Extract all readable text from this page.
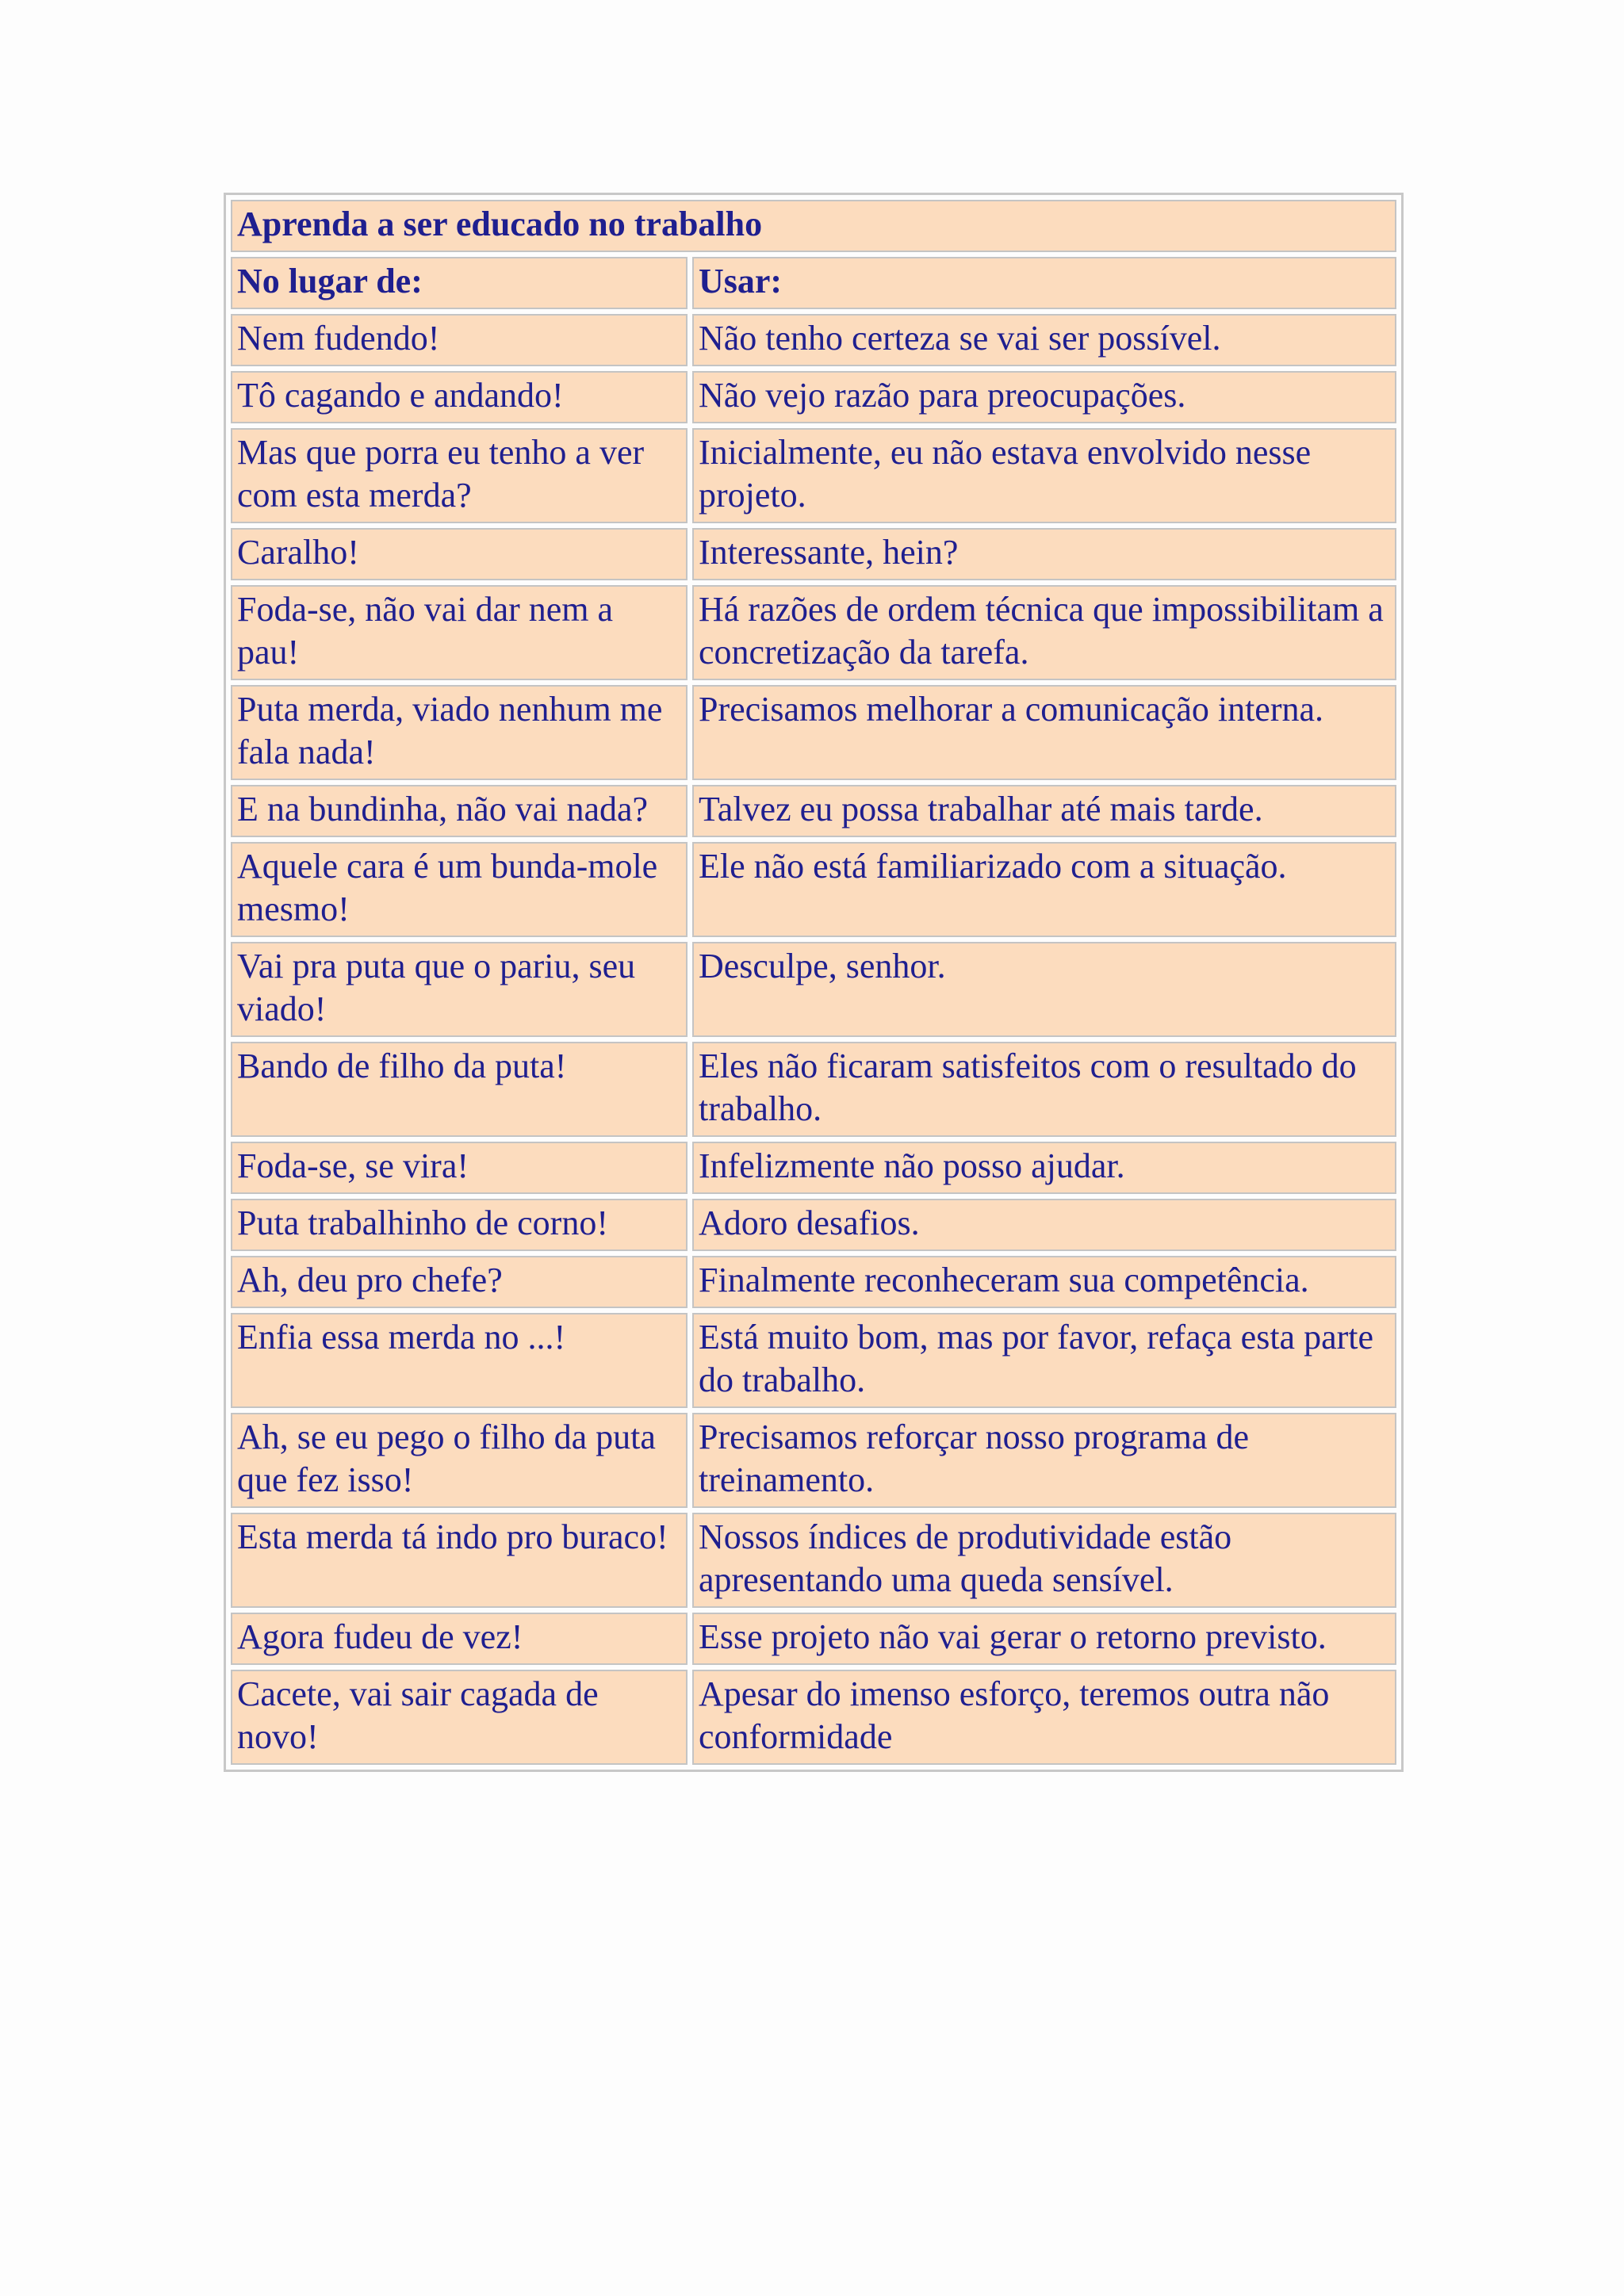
Aprenda a ser educado no trabalho	
No lugar de:	Usar:
Nem fudendo!	Não tenho certeza se vai ser possível.
Tô cagando e andando!	Não vejo razão para preocupações.
Mas que porra eu tenho a ver com esta merda?	Inicialmente, eu não estava envolvido nesse projeto.
Caralho!	Interessante, hein?
Foda-se, não vai dar nem a pau!	Há razões de ordem técnica que impossibilitam a concretização da tarefa.
Puta merda, viado nenhum me fala nada!	Precisamos melhorar a comunicação interna.
E na bundinha, não vai nada?	Talvez eu possa trabalhar até mais tarde.
Aquele cara é um bunda-mole mesmo!	Ele não está familiarizado com a situação.
Vai pra puta que o pariu, seu viado!	Desculpe, senhor.
Bando de filho da puta!	Eles não ficaram satisfeitos com o resultado do trabalho.
Foda-se, se vira!	Infelizmente não posso ajudar.
Puta trabalhinho de corno!	Adoro desafios.
Ah, deu pro chefe?	Finalmente reconheceram sua competência.
Enfia essa merda no ...!	Está muito bom, mas por favor, refaça esta parte do trabalho.
Ah, se eu pego o filho da puta que fez isso!	Precisamos reforçar nosso programa de treinamento.
Esta merda tá indo pro buraco!	Nossos índices de produtividade estão apresentando uma queda sensível.
Agora fudeu de vez!	Esse projeto não vai gerar o retorno previsto.
Cacete, vai sair cagada de novo!	Apesar do imenso esforço, teremos outra não conformidade
